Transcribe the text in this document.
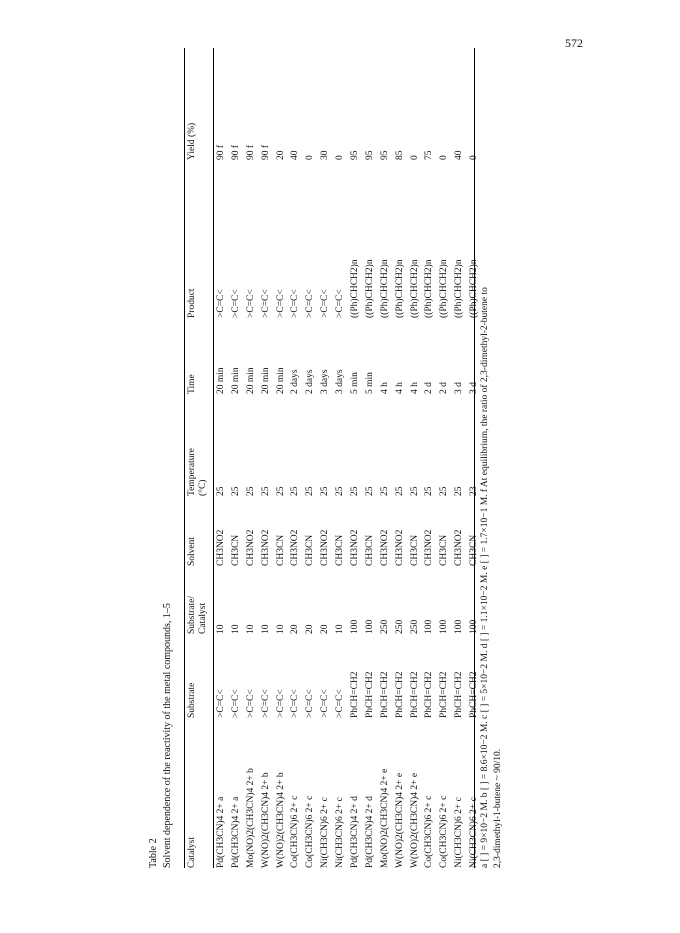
572
Table 2 Solvent dependence of the reactivity of the metal compounds, 1–5 Catalyst
Substrate
Substrate/ Catalyst
Solvent
Temperature (°C)
Time
Product
Yield (%)
Pd(CH3CN)4 2+ a
>C=C<
10
CH3NO2
25
20 min
>C=C<
90 f
Pd(CH3CN)4 2+ a
>C=C<
10
CH3CN
25
20 min
>C=C<
90 f
Mo(NO)2(CH3CN)4 2+ b
>C=C<
10
CH3NO2
25
20 min
>C=C<
90 f
W(NO)2(CH3CN)4 2+ b
>C=C<
10
CH3NO2
25
20 min
>C=C<
90 f
W(NO)2(CH3CN)4 2+ b
>C=C<
10
CH3CN
25
20 min
>C=C<
20
Co(CH3CN)6 2+ c
>C=C<
20
CH3NO2
25
2 days
>C=C<
40
Co(CH3CN)6 2+ c
>C=C<
20
CH3CN
25
2 days
>C=C<
0
Ni(CH3CN)6 2+ c
>C=C<
20
CH3NO2
25
3 days
>C=C<
30
Ni(CH3CN)6 2+ c
>C=C<
10
CH3CN
25
3 days
>C=C<
0
Pd(CH3CN)4 2+ d
PhCH=CH2
100
CH3NO2
25
5 min
((Ph)CHCH2)n
95
Pd(CH3CN)4 2+ d
PhCH=CH2
100
CH3CN
25
5 min
((Ph)CHCH2)n
95
Mo(NO)2(CH3CN)4 2+ e
PhCH=CH2
250
CH3NO2
25
4 h
((Ph)CHCH2)n
95
W(NO)2(CH3CN)4 2+ e
PhCH=CH2
250
CH3NO2
25
4 h
((Ph)CHCH2)n
85
W(NO)2(CH3CN)4 2+ e
PhCH=CH2
250
CH3CN
25
4 h
((Ph)CHCH2)n
0
Co(CH3CN)6 2+ c
PhCH=CH2
100
CH3NO2
25
2 d
((Ph)CHCH2)n
75
Co(CH3CN)6 2+ c
PhCH=CH2
100
CH3CN
25
2 d
((Ph)CHCH2)n
0
Ni(CH3CN)6 2+ c
PhCH=CH2
100
CH3NO2
25
3 d
((Ph)CHCH2)n
40
Ni(CH3CN)6 2+ c
PhCH=CH2
100
CH3CN
23
3 d
((Ph)CHCH2)n
0
a [ ] = 9×10−2 M. b [ ] = 8.6×10−2 M. c [ ] = 5×10−2 M. d [ ] = 1.1×10−2 M. e [ ] = 1.7×10−1 M. f At equilibrium, the ratio of 2,3-dimethyl-2-butene to 2,3-dimethyl-1-butene ~ 90/10.
